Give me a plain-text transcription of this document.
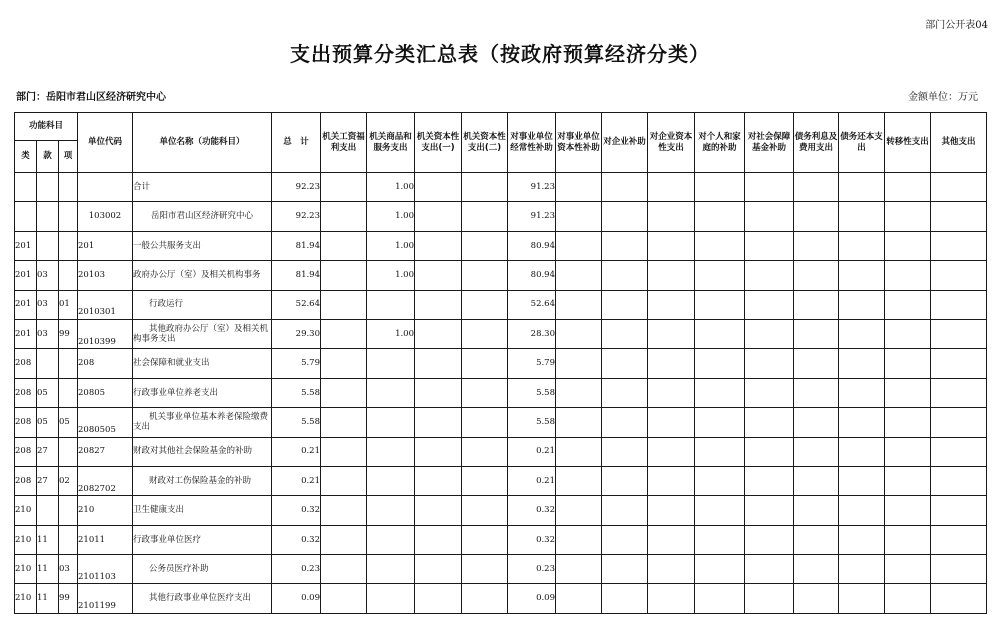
部门公开表04
支出预算分类汇总表（按政府预算经济分类）
部门：岳阳市君山区经济研究中心	金额单位：万元
功能科目			单位代码	单位名称（功能科目）	总　计	机关工资福利支出	机关商品和服务支出	机关资本性支出(一)	机关资本性支出(二)	对事业单位经常性补助	对事业单位资本性补助	对企业补助	对企业资本性支出	对个人和家庭的补助	对社会保障基金补助	债务利息及费用支出	债务还本支出	转移性支出	其他支出
类	款	项																	

				合计	92.23		1.00			91.23									
			103002	岳阳市君山区经济研究中心	92.23		1.00			91.23									
201			201	一般公共服务支出	81.94		1.00			80.94									
201	03		20103	政府办公厅（室）及相关机构事务	81.94		1.00			80.94									
201	03	01	2010301	行政运行	52.64					52.64									
201	03	99	2010399	其他政府办公厅（室）及相关机构事务支出	29.30		1.00			28.30									
208			208	社会保障和就业支出	5.79					5.79									
208	05		20805	行政事业单位养老支出	5.58					5.58									
208	05	05	2080505	机关事业单位基本养老保险缴费支出	5.58					5.58									
208	27		20827	财政对其他社会保险基金的补助	0.21					0.21									
208	27	02	2082702	财政对工伤保险基金的补助	0.21					0.21									
210			210	卫生健康支出	0.32					0.32									
210	11		21011	行政事业单位医疗	0.32					0.32									
210	11	03	2101103	公务员医疗补助	0.23					0.23									
210	11	99	2101199	其他行政事业单位医疗支出	0.09					0.09									
